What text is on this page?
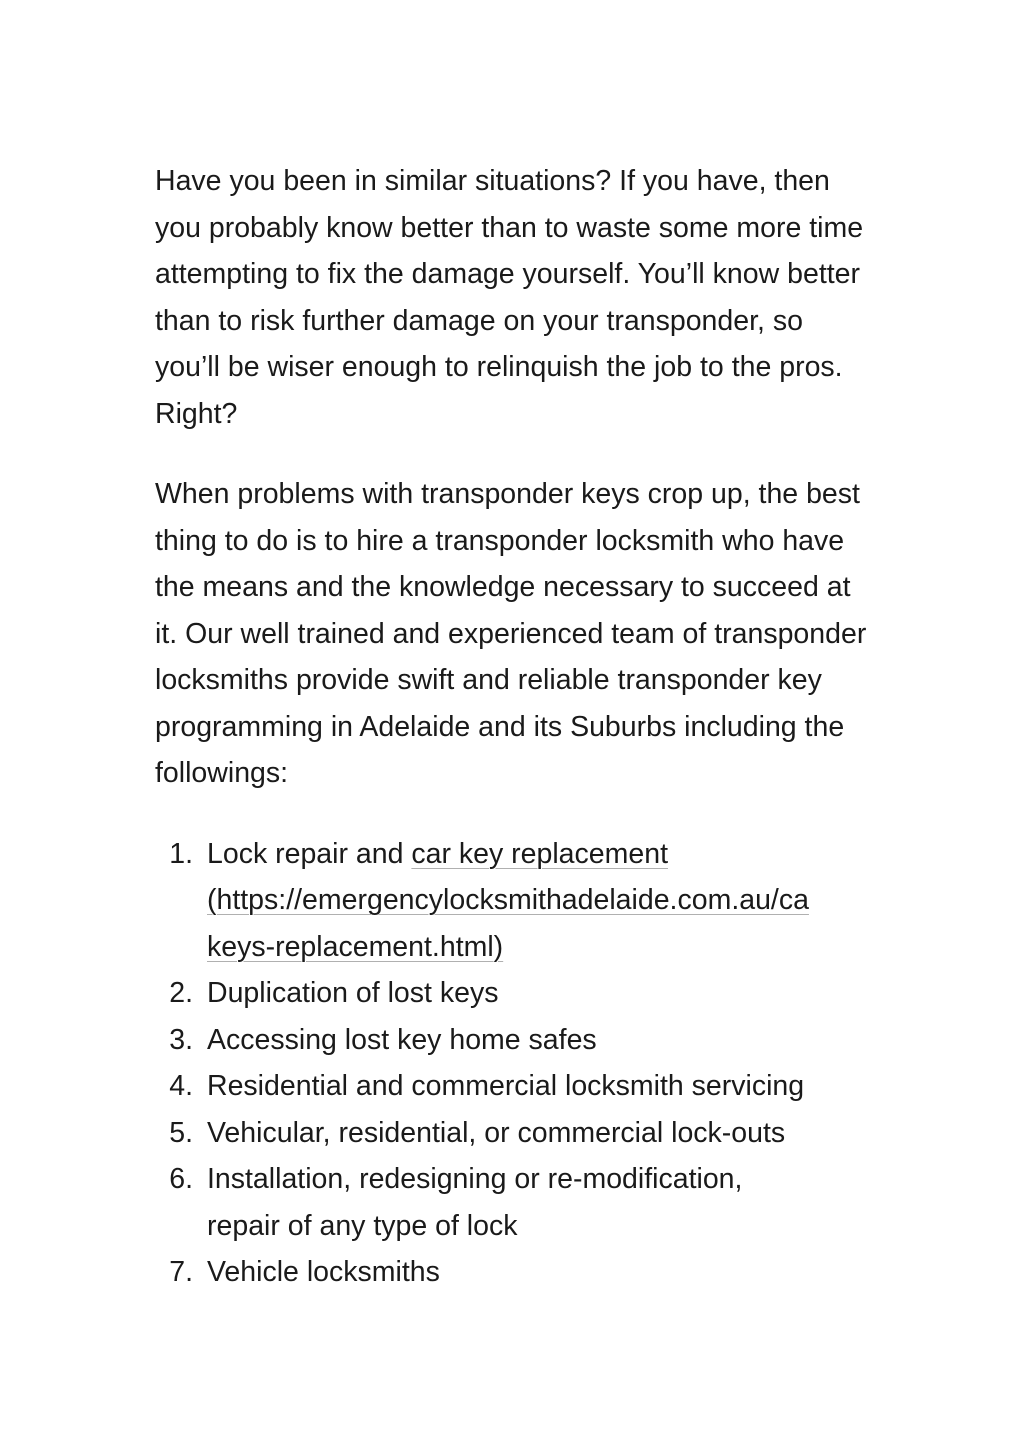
Have you been in similar situations? If you have, then you probably know better than to waste some more time attempting to fix the damage yourself. You’ll know better than to risk further damage on your transponder, so you’ll be wiser enough to relinquish the job to the pros. Right?

When problems with transponder keys crop up, the best thing to do is to hire a transponder locksmith who have the means and the knowledge necessary to succeed at it. Our well trained and experienced team of transponder locksmiths provide swift and reliable transponder key programming in Adelaide and its Suburbs including the followings:

1. Lock repair and car key replacement
(https://emergencylocksmithadelaide.com.au/ca
keys-replacement.html)
2. Duplication of lost keys
3. Accessing lost key home safes
4. Residential and commercial locksmith servicing
5. Vehicular, residential, or commercial lock-outs
6. Installation, redesigning or re-modification, repair of any type of lock
7. Vehicle locksmiths
